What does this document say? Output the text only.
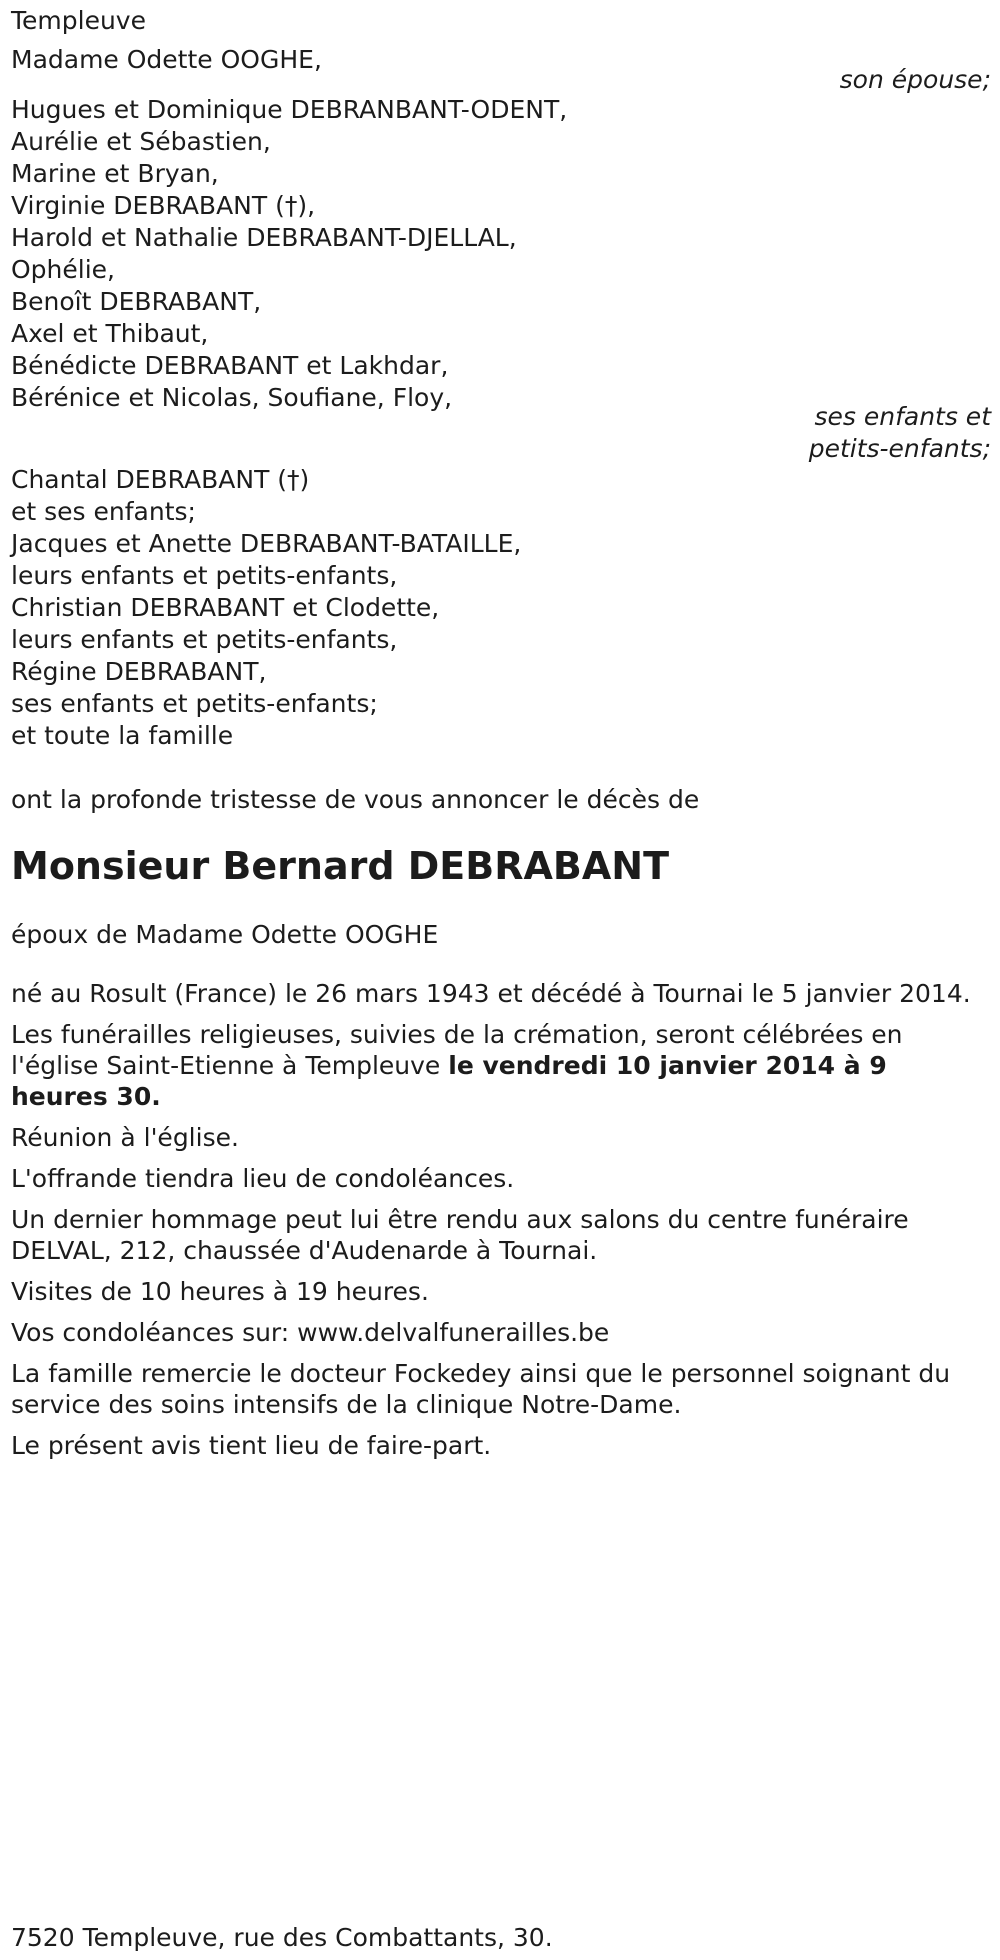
Templeuve
Madame Odette OOGHE,
son épouse;
Hugues et Dominique DEBRANBANT-ODENT,
Aurélie et Sébastien,
Marine et Bryan,
Virginie DEBRABANT (†),
Harold et Nathalie DEBRABANT-DJELLAL,
Ophélie,
Benoît DEBRABANT,
Axel et Thibaut,
Bénédicte DEBRABANT et Lakhdar,
Bérénice et Nicolas, Soufiane, Floy,
ses enfants et
petits-enfants;
Chantal DEBRABANT (†)
et ses enfants;
Jacques et Anette DEBRABANT-BATAILLE,
leurs enfants et petits-enfants,
Christian DEBRABANT et Clodette,
leurs enfants et petits-enfants,
Régine DEBRABANT,
ses enfants et petits-enfants;
et toute la famille
ont la profonde tristesse de vous annoncer le décès de
Monsieur Bernard DEBRABANT
époux de Madame Odette OOGHE
né au Rosult (France) le 26 mars 1943 et décédé à Tournai le 5 janvier 2014.
Les funérailles religieuses, suivies de la crémation, seront célébrées en l'église Saint-Etienne à Templeuve le vendredi 10 janvier 2014 à 9 heures 30.
Réunion à l'église.
L'offrande tiendra lieu de condoléances.
Un dernier hommage peut lui être rendu aux salons du centre funéraire DELVAL, 212, chaussée d'Audenarde à Tournai.
Visites de 10 heures à 19 heures.
Vos condoléances sur: www.delvalfunerailles.be
La famille remercie le docteur Fockedey ainsi que le personnel soignant du service des soins intensifs de la clinique Notre-Dame.
Le présent avis tient lieu de faire-part.
7520 Templeuve, rue des Combattants, 30.
